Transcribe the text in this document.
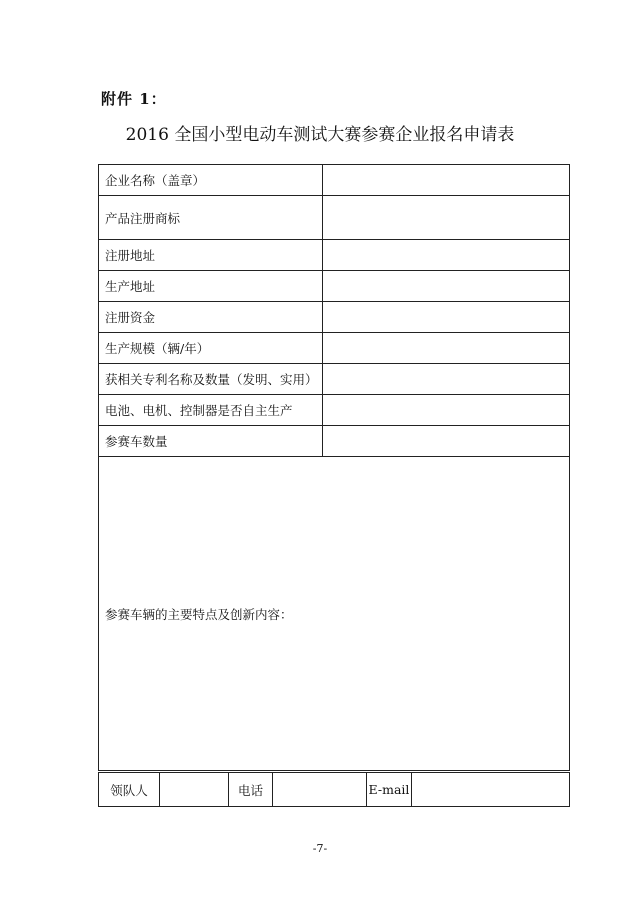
附件 1：
2016 全国小型电动车测试大赛参赛企业报名申请表
企业名称（盖章）	
产品注册商标	
注册地址	
生产地址	
注册资金	
生产规模（辆/年）	
获相关专利名称及数量（发明、实用）	
电池、电机、控制器是否自主生产	
参赛车数量	
参赛车辆的主要特点及创新内容：	
领队人		电话		E-mail	
-7-
